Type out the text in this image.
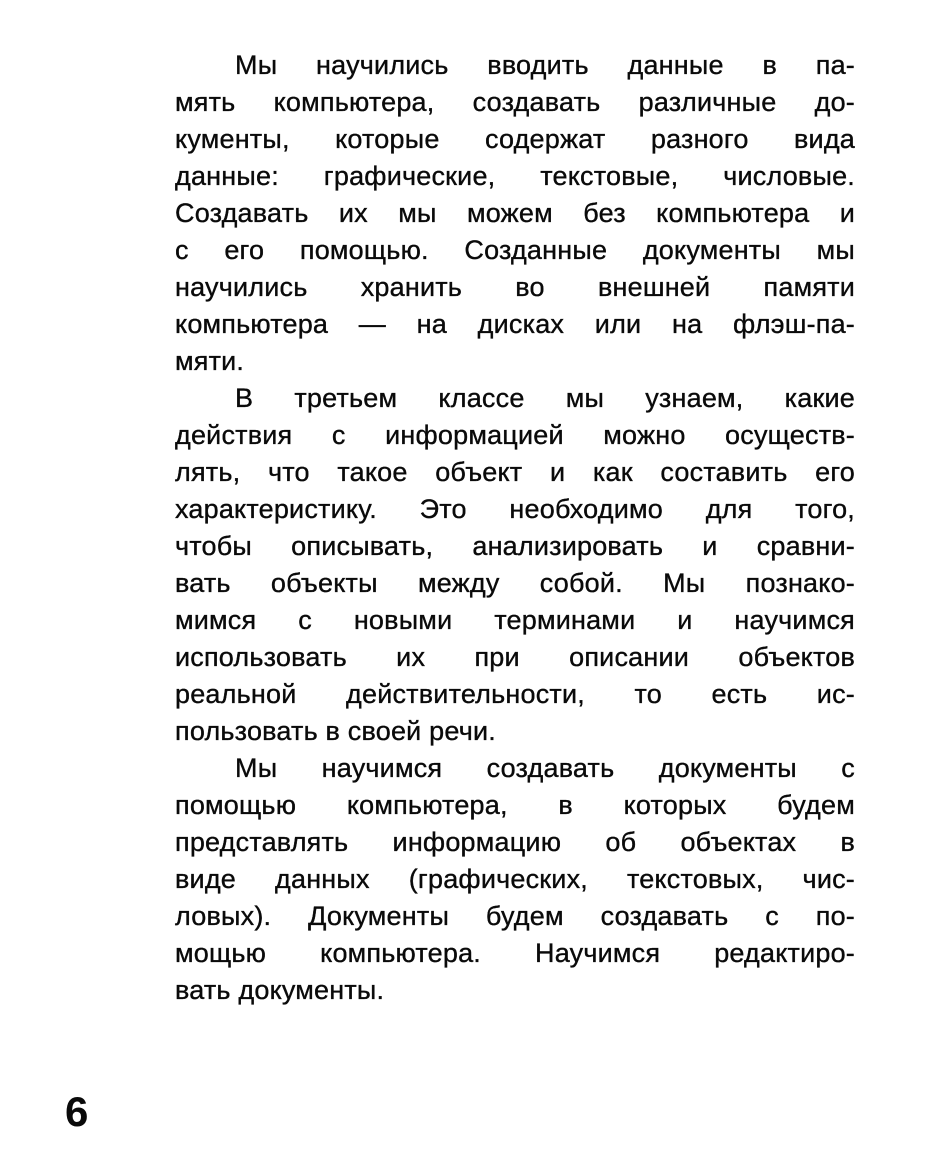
Мы научились вводить данные в па-
мять компьютера, создавать различные до-
кументы, которые содержат разного вида
данные: графические, текстовые, числовые.
Создавать их мы можем без компьютера и
с его помощью. Созданные документы мы
научились хранить во внешней памяти
компьютера — на дисках или на флэш-па-
мяти.
В третьем классе мы узнаем, какие
действия с информацией можно осуществ-
лять, что такое объект и как составить его
характеристику. Это необходимо для того,
чтобы описывать, анализировать и сравни-
вать объекты между собой. Мы познако-
мимся с новыми терминами и научимся
использовать их при описании объектов
реальной действительности, то есть ис-
пользовать в своей речи.
Мы научимся создавать документы с
помощью компьютера, в которых будем
представлять информацию об объектах в
виде данных (графических, текстовых, чис-
ловых). Документы будем создавать с по-
мощью компьютера. Научимся редактиро-
вать документы.
6
